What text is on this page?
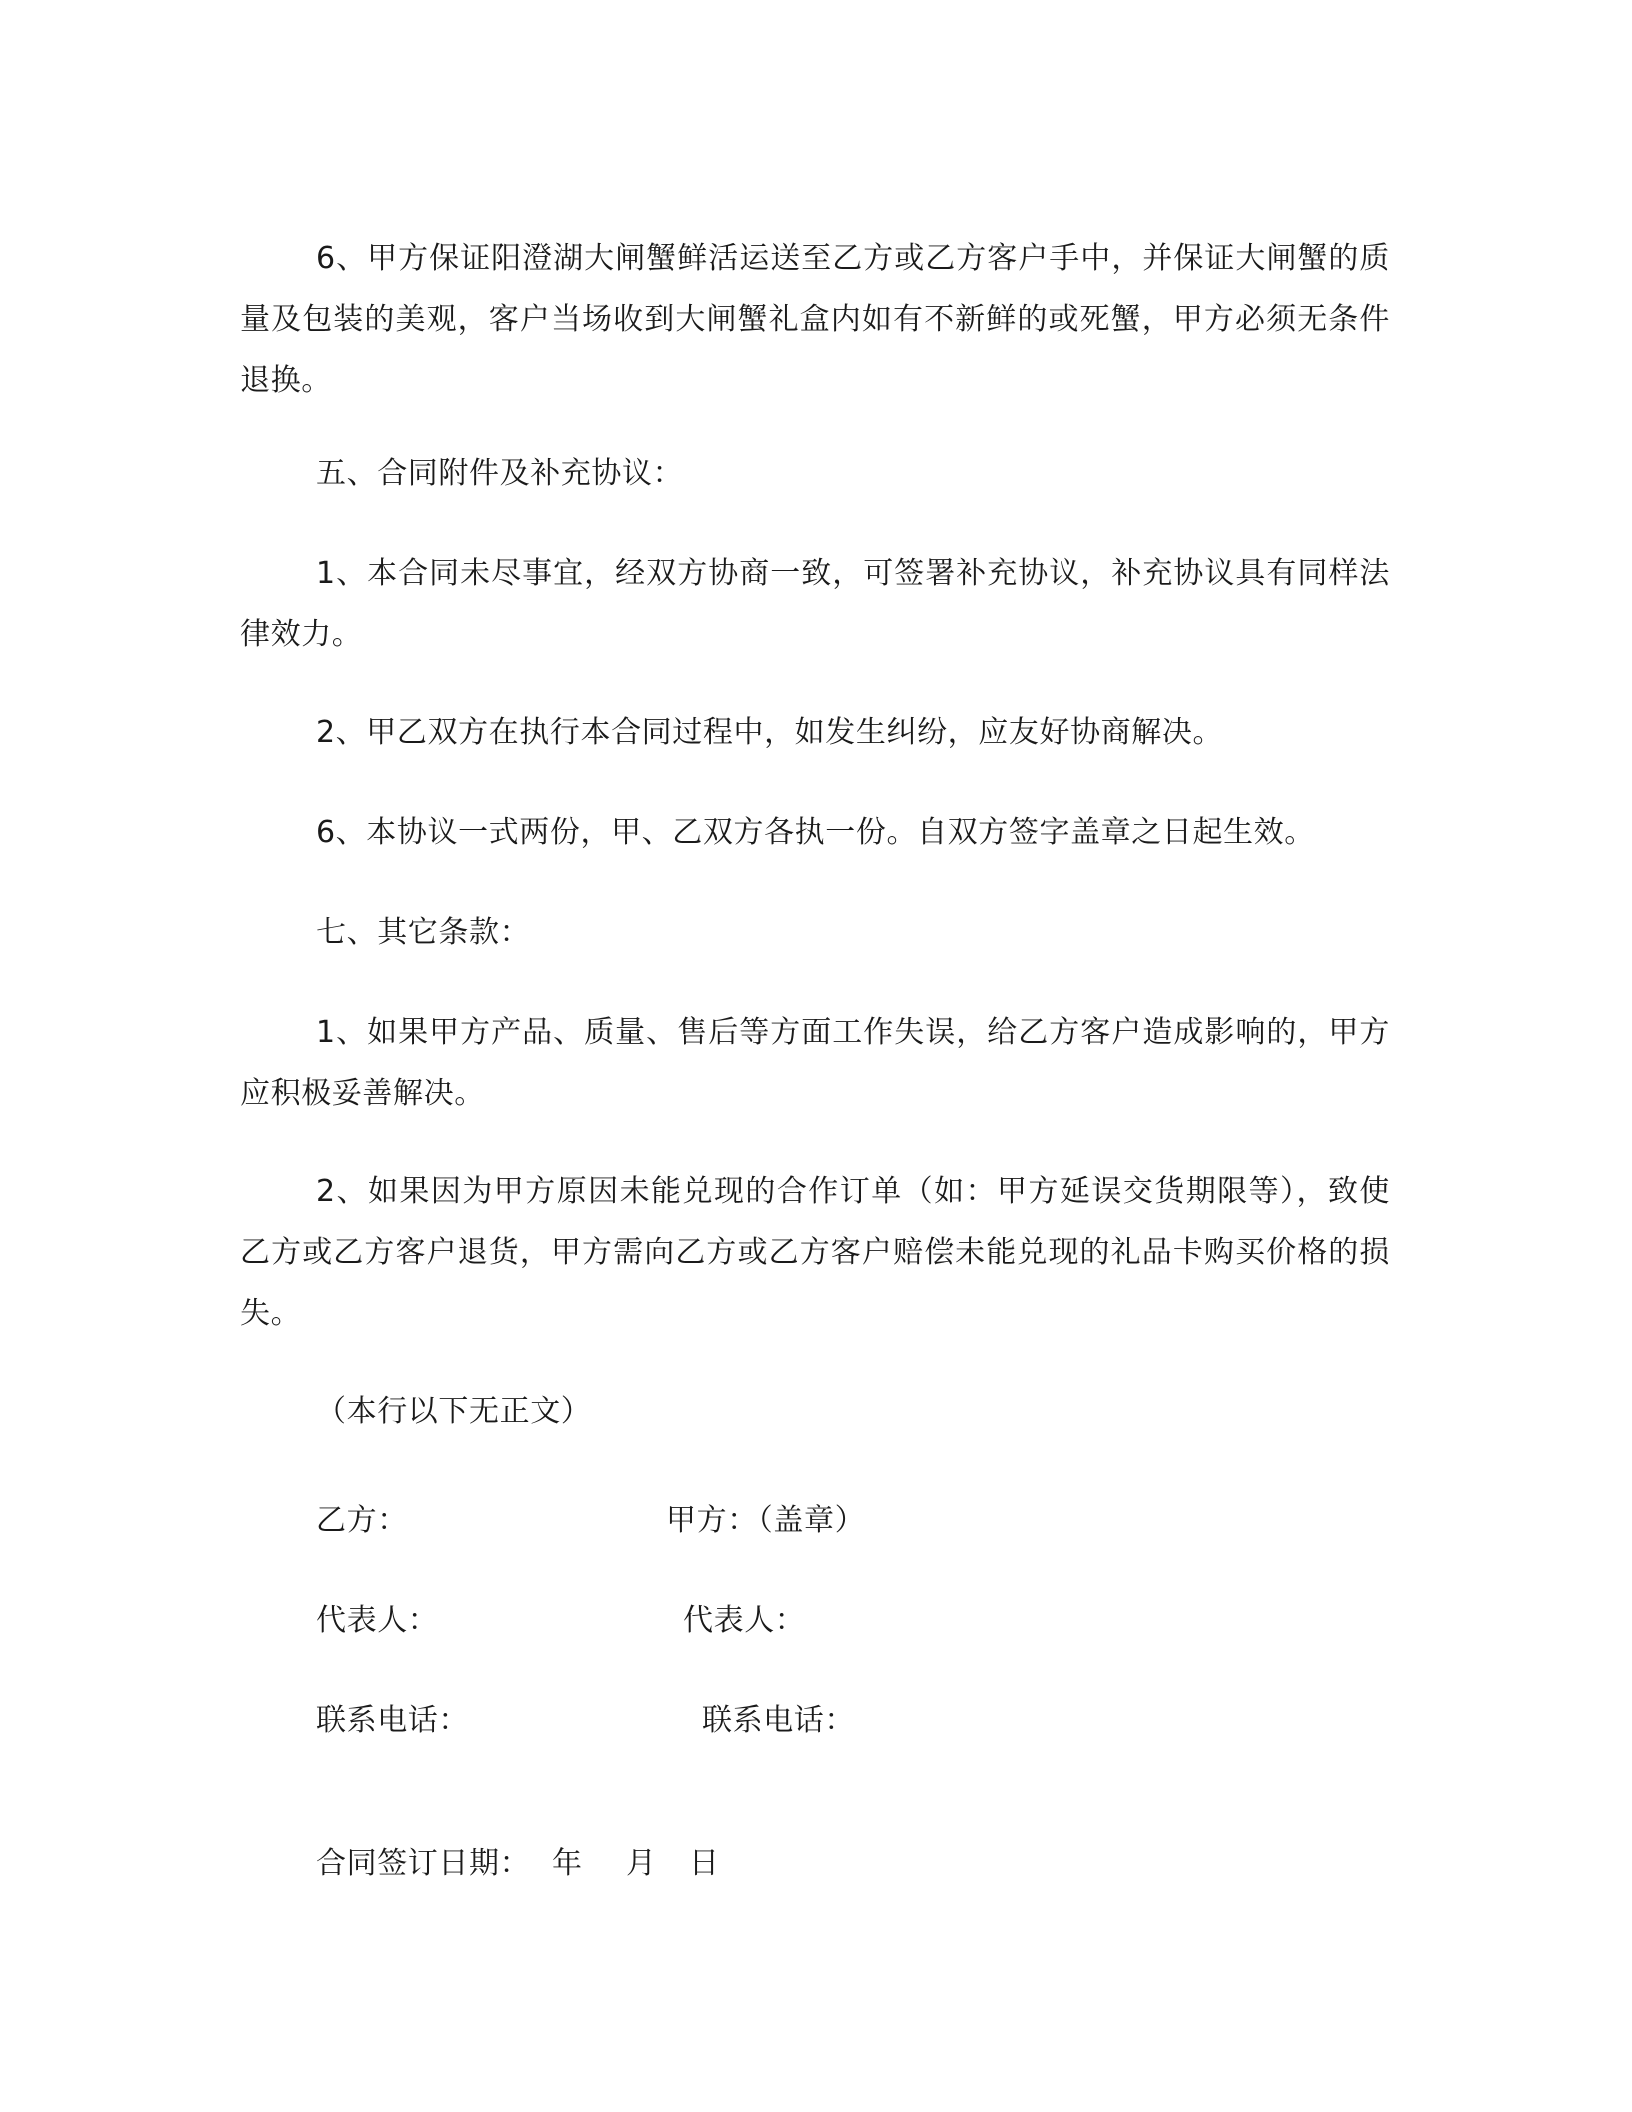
6、甲方保证阳澄湖大闸蟹鲜活运送至乙方或乙方客户手中，并保证大闸蟹的质量及包装的美观，客户当场收到大闸蟹礼盒内如有不新鲜的或死蟹，甲方必须无条件退换。

五、合同附件及补充协议：

1、本合同未尽事宜，经双方协商一致，可签署补充协议，补充协议具有同样法律效力。

2、甲乙双方在执行本合同过程中，如发生纠纷，应友好协商解决。

6、本协议一式两份，甲、乙双方各执一份。自双方签字盖章之日起生效。

七、其它条款：

1、如果甲方产品、质量、售后等方面工作失误，给乙方客户造成影响的，甲方应积极妥善解决。

2、如果因为甲方原因未能兑现的合作订单（如：甲方延误交货期限等），致使乙方或乙方客户退货，甲方需向乙方或乙方客户赔偿未能兑现的礼品卡购买价格的损失。

（本行以下无正文）

乙方：	甲方：（盖章）
代表人：	代表人：
联系电话：	联系电话：
合同签订日期： 年 月 日
